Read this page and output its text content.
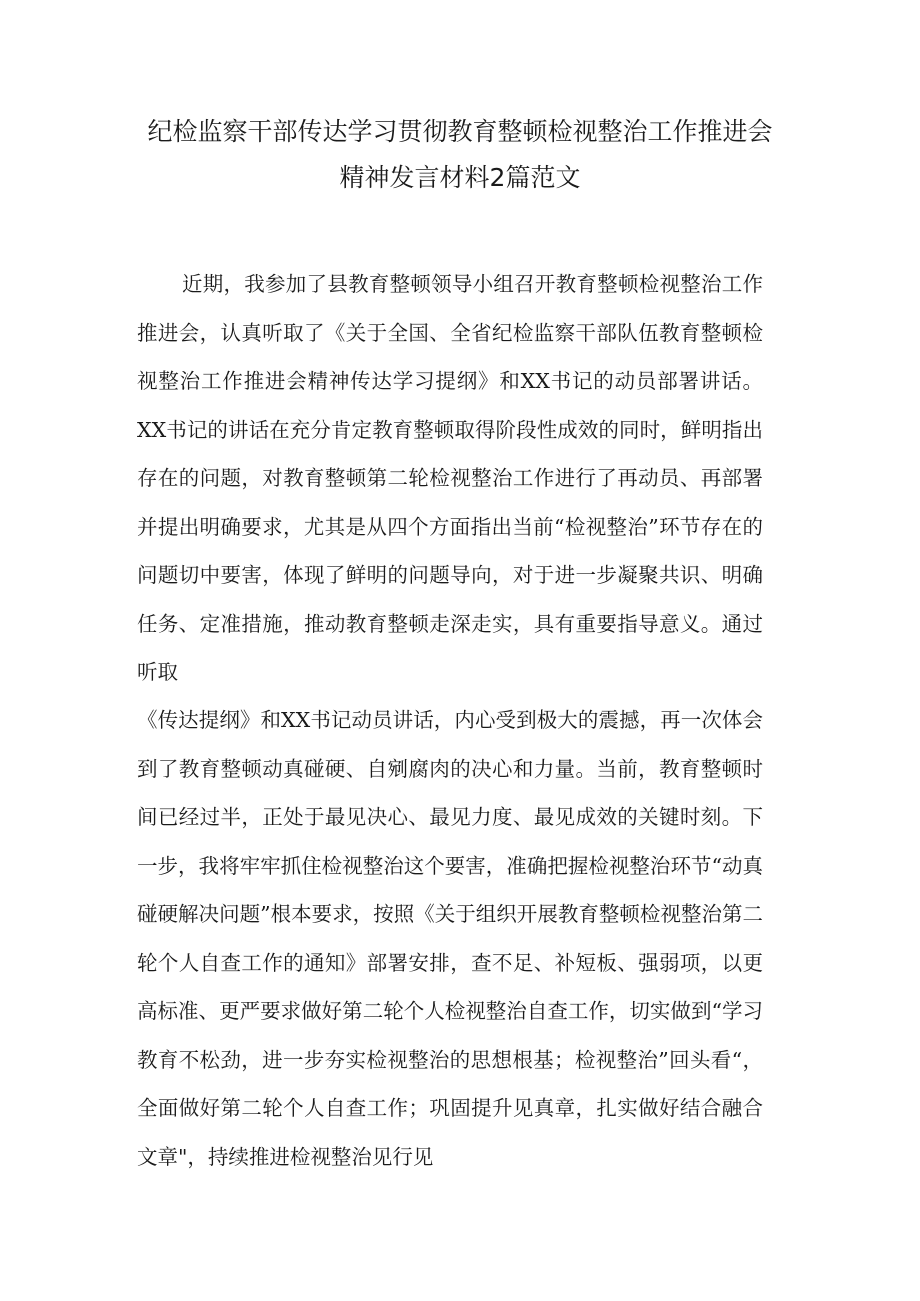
纪检监察干部传达学习贯彻教育整顿检视整治工作推进会
精神发言材料2篇范文

近期，我参加了县教育整顿领导小组召开教育整顿检视整治工作推进会，认真听取了《关于全国、全省纪检监察干部队伍教育整顿检视整治工作推进会精神传达学习提纲》和XX书记的动员部署讲话。XX书记的讲话在充分肯定教育整顿取得阶段性成效的同时，鲜明指出存在的问题，对教育整顿第二轮检视整治工作进行了再动员、再部署并提出明确要求，尤其是从四个方面指出当前“检视整治”环节存在的问题切中要害，体现了鲜明的问题导向，对于进一步凝聚共识、明确任务、定准措施，推动教育整顿走深走实，具有重要指导意义。通过听取

《传达提纲》和XX书记动员讲话，内心受到极大的震撼，再一次体会到了教育整顿动真碰硬、自剜腐肉的决心和力量。当前，教育整顿时间已经过半，正处于最见决心、最见力度、最见成效的关键时刻。下一步，我将牢牢抓住检视整治这个要害，准确把握检视整治环节“动真碰硬解决问题”根本要求，按照《关于组织开展教育整顿检视整治第二轮个人自查工作的通知》部署安排，查不足、补短板、强弱项，以更高标准、更严要求做好第二轮个人检视整治自查工作，切实做到“学习教育不松劲，进一步夯实检视整治的思想根基；检视整治”回头看“，全面做好第二轮个人自查工作；巩固提升见真章，扎实做好结合融合文章"，持续推进检视整治见行见
